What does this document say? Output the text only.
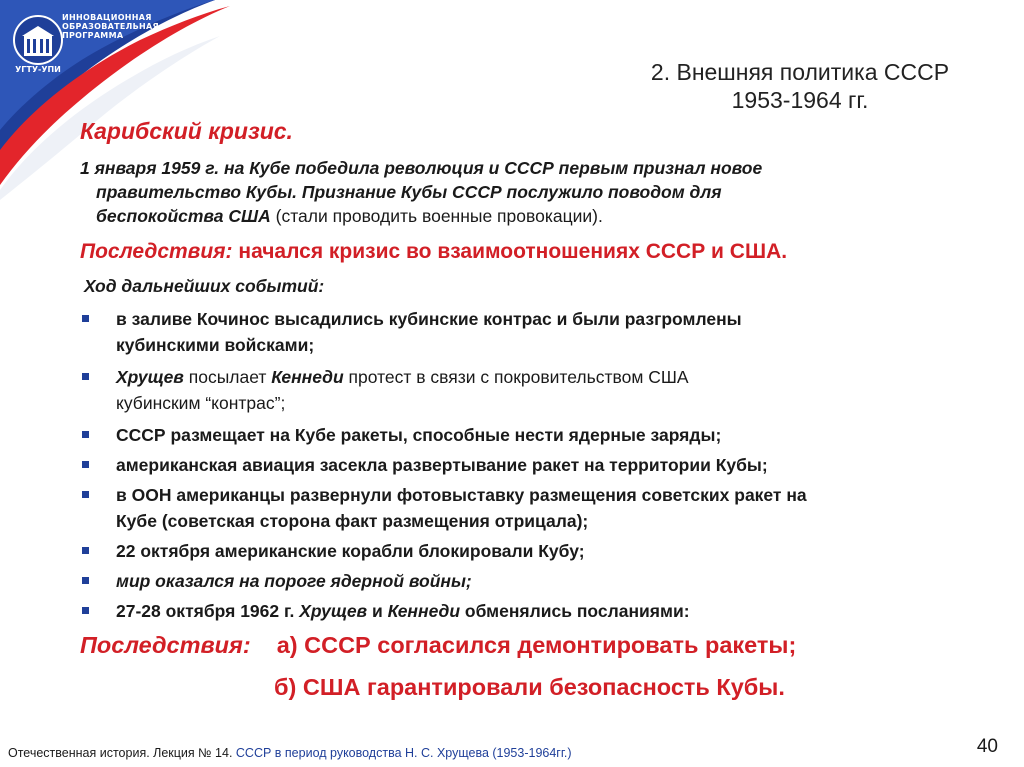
УГТУ-УПИ
ИННОВАЦИОННАЯ
ОБРАЗОВАТЕЛЬНАЯ
ПРОГРАММА
2. Внешняя политика СССР
1953-1964 гг.
Карибский кризис.
1 января 1959 г. на Кубе победила революция и СССР первым признал новое
правительство Кубы. Признание Кубы СССР послужило поводом для
беспокойства США (стали проводить военные провокации).
Последствия: начался кризис во взаимоотношениях СССР и США.
Ход дальнейших событий:
в заливе Кочинос высадились кубинские контрас и были разгромлены
кубинскими войсками;
Хрущев посылает Кеннеди протест в связи с покровительством США
кубинским “контрас”;
СССР размещает на Кубе ракеты, способные нести ядерные заряды;
американская авиация засекла развертывание ракет на территории Кубы;
в ООН американцы развернули фотовыставку размещения советских ракет на
Кубе (советская сторона факт размещения отрицала);
22 октября американские корабли блокировали Кубу;
мир оказался на пороге ядерной войны;
27-28 октября 1962 г. Хрущев и Кеннеди обменялись посланиями:
Последствия: а) СССР согласился демонтировать ракеты;
б) США гарантировали безопасность Кубы.
Отечественная история. Лекция № 14. СССР в период руководства Н. С. Хрущева (1953-1964гг.)	40
